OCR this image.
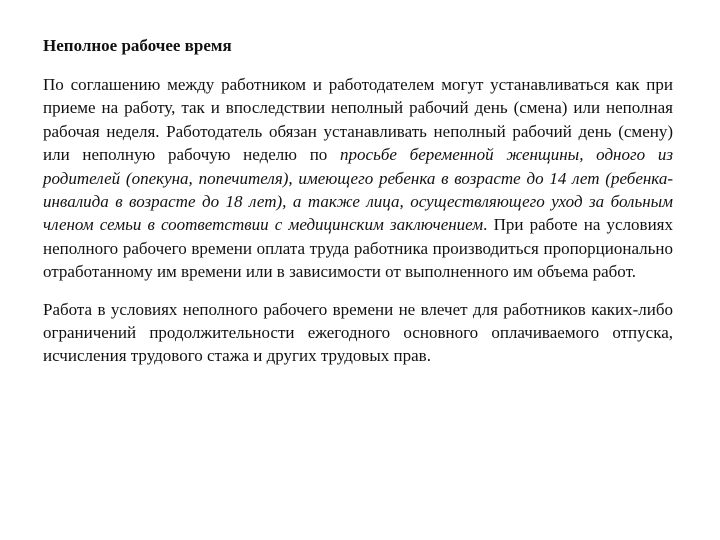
Неполное рабочее время

По соглашению между работником и работодателем могут устанавливаться как при приеме на работу, так и впоследствии неполный рабочий день (смена) или неполная рабочая неделя. Работодатель обязан устанавливать неполный рабочий день (смену) или неполную рабочую неделю по просьбе беременной женщины, одного из родителей (опекуна, попечителя), имеющего ребенка в возрасте до 14 лет (ребенка-инвалида в возрасте до 18 лет), а также лица, осуществляющего уход за больным членом семьи в соответствии с медицинским заключением. При работе на условиях неполного рабочего времени оплата труда работника производиться пропорционально отработанному им времени или в зависимости от выполненного им объема работ.

Работа в условиях неполного рабочего времени не влечет для работников каких-либо ограничений продолжительности ежегодного основного оплачиваемого отпуска, исчисления трудового стажа и других трудовых прав.
